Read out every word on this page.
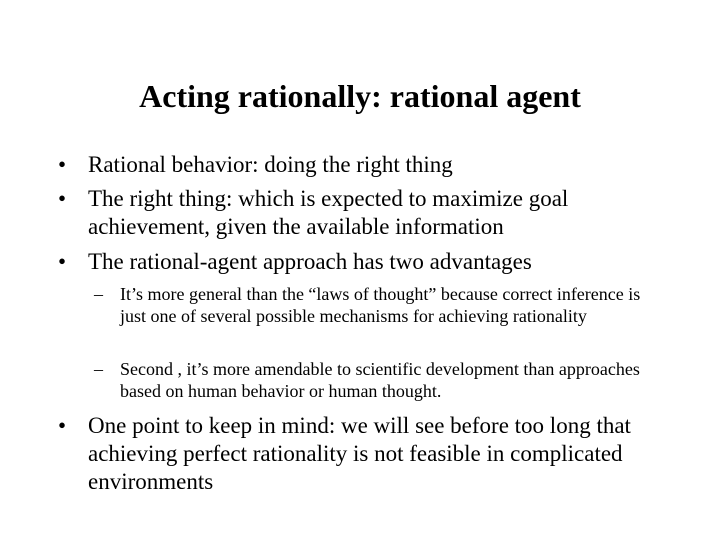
Acting rationally: rational agent
• Rational behavior: doing the right thing
• The right thing: which is expected to maximize goal achievement, given the available information
• The rational-agent approach has two advantages
– It’s more general than the “laws of thought” because correct inference is just one of several possible mechanisms for achieving rationality
– Second , it’s more amendable to scientific development than approaches based on human behavior or human thought.
• One point to keep in mind: we will see before too long that achieving perfect rationality is not feasible in complicated environments
